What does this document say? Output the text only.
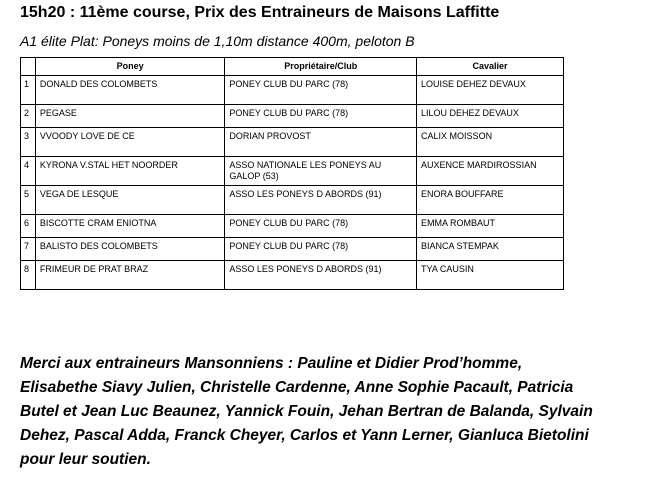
15h20 : 11ème course, Prix des Entraineurs de Maisons Laffitte
A1 élite Plat: Poneys moins de 1,10m distance 400m, peloton B
	Poney	Propriétaire/Club	Cavalier
1	DONALD DES COLOMBETS	PONEY CLUB DU PARC (78)	LOUISE DEHEZ DEVAUX
2	PEGASE	PONEY CLUB DU PARC (78)	LILOU DEHEZ DEVAUX
3	VVOODY LOVE DE CE	DORIAN PROVOST	CALIX MOISSON
4	KYRONA V.STAL HET NOORDER	ASSO NATIONALE LES PONEYS AU GALOP (53)	AUXENCE MARDIROSSIAN
5	VEGA DE LESQUE	ASSO LES PONEYS D ABORDS (91)	ENORA BOUFFARE
6	BISCOTTE CRAM ENIOTNA	PONEY CLUB DU PARC (78)	EMMA ROMBAUT
7	BALISTO DES COLOMBETS	PONEY CLUB DU PARC (78)	BIANCA STEMPAK
8	FRIMEUR DE PRAT BRAZ	ASSO LES PONEYS D ABORDS (91)	TYA CAUSIN
Merci aux entraineurs Mansonniens : Pauline et Didier Prod’homme,
Elisabethe Siavy Julien, Christelle Cardenne, Anne Sophie Pacault, Patricia
Butel et Jean Luc Beaunez, Yannick Fouin, Jehan Bertran de Balanda, Sylvain
Dehez, Pascal Adda, Franck Cheyer, Carlos et Yann Lerner, Gianluca Bietolini
pour leur soutien.
